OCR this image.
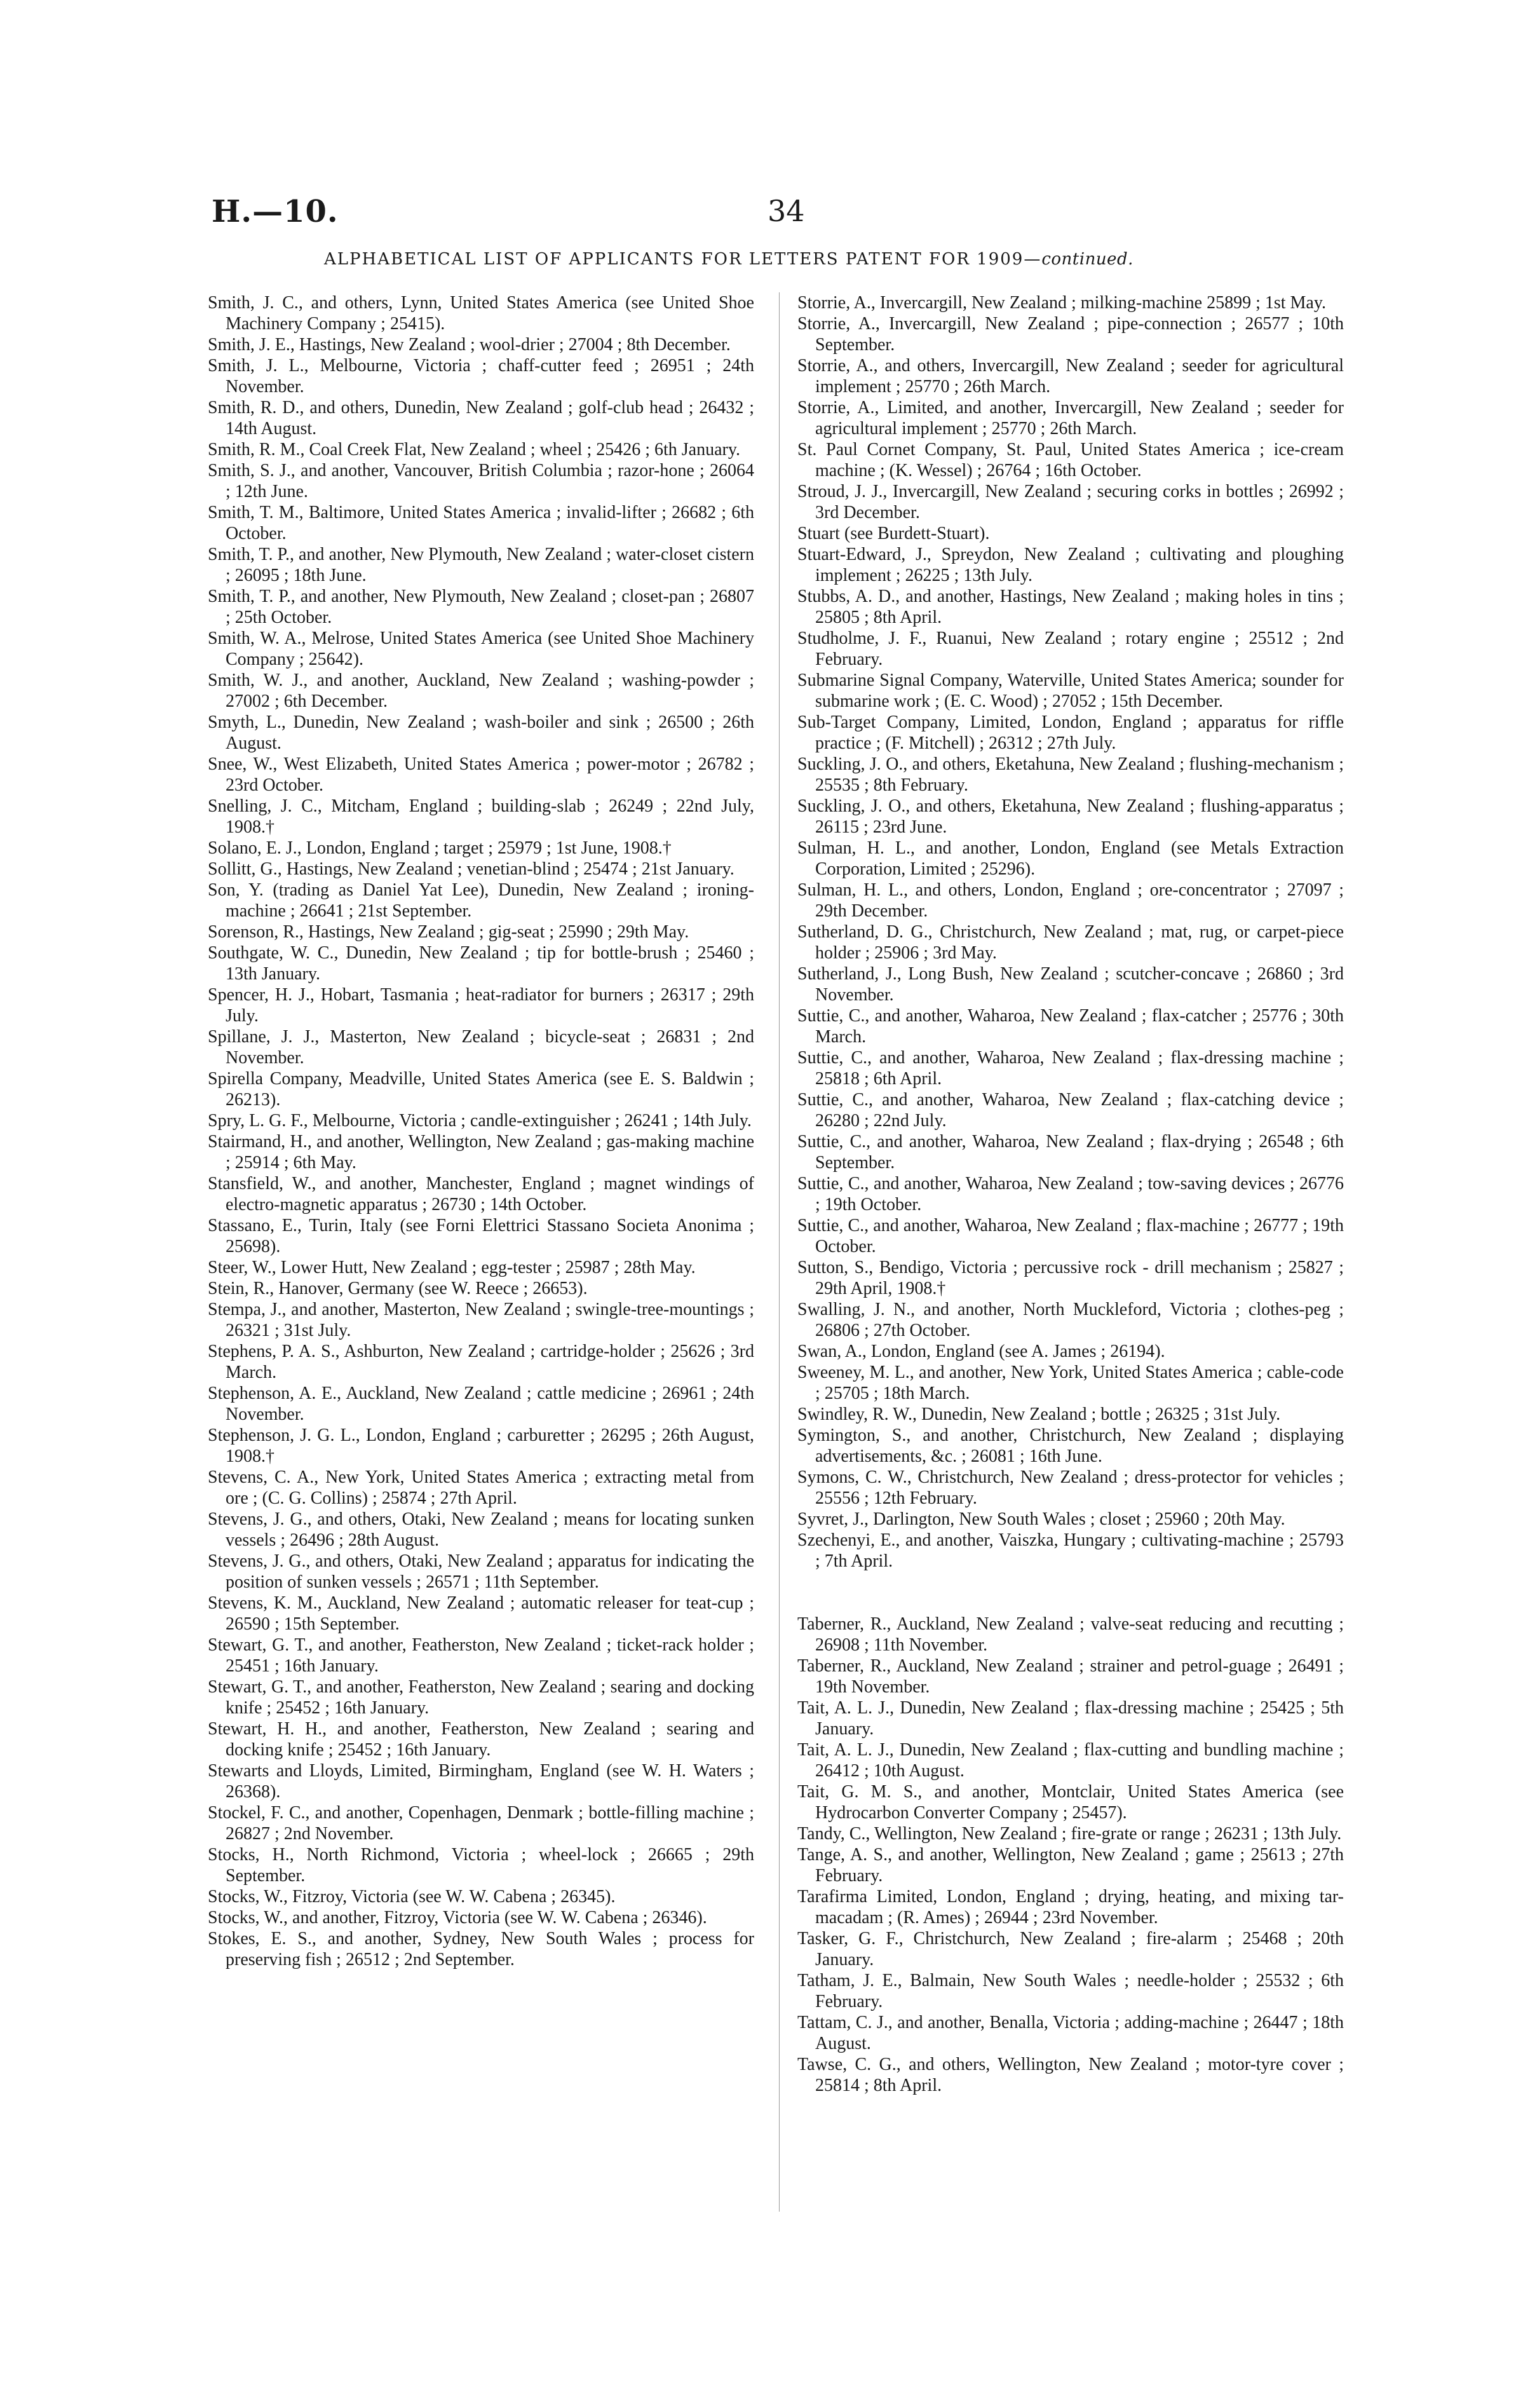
H.—10.	34
ALPHABETICAL LIST OF APPLICANTS FOR LETTERS PATENT FOR 1909—continued.

Smith, J. C., and others, Lynn, United States America (see United Shoe Machinery Company ; 25415).

Smith, J. E., Hastings, New Zealand ; wool-drier ; 27004 ; 8th December.

Smith, J. L., Melbourne, Victoria ; chaff-cutter feed ; 26951 ; 24th November.

Smith, R. D., and others, Dunedin, New Zealand ; golf-club head ; 26432 ; 14th August.

Smith, R. M., Coal Creek Flat, New Zealand ; wheel ; 25426 ; 6th January.

Smith, S. J., and another, Vancouver, British Columbia ; razor-hone ; 26064 ; 12th June.

Smith, T. M., Baltimore, United States America ; invalid-lifter ; 26682 ; 6th October.

Smith, T. P., and another, New Plymouth, New Zealand ; water-closet cistern ; 26095 ; 18th June.

Smith, T. P., and another, New Plymouth, New Zealand ; closet-pan ; 26807 ; 25th October.

Smith, W. A., Melrose, United States America (see United Shoe Machinery Company ; 25642).

Smith, W. J., and another, Auckland, New Zealand ; washing-powder ; 27002 ; 6th December.

Smyth, L., Dunedin, New Zealand ; wash-boiler and sink ; 26500 ; 26th August.

Snee, W., West Elizabeth, United States America ; power-motor ; 26782 ; 23rd October.

Snelling, J. C., Mitcham, England ; building-slab ; 26249 ; 22nd July, 1908.†

Solano, E. J., London, England ; target ; 25979 ; 1st June, 1908.†

Sollitt, G., Hastings, New Zealand ; venetian-blind ; 25474 ; 21st January.

Son, Y. (trading as Daniel Yat Lee), Dunedin, New Zealand ; ironing-machine ; 26641 ; 21st September.

Sorenson, R., Hastings, New Zealand ; gig-seat ; 25990 ; 29th May.

Southgate, W. C., Dunedin, New Zealand ; tip for bottle-brush ; 25460 ; 13th January.

Spencer, H. J., Hobart, Tasmania ; heat-radiator for burners ; 26317 ; 29th July.

Spillane, J. J., Masterton, New Zealand ; bicycle-seat ; 26831 ; 2nd November.

Spirella Company, Meadville, United States America (see E. S. Baldwin ; 26213).

Spry, L. G. F., Melbourne, Victoria ; candle-extinguisher ; 26241 ; 14th July.

Stairmand, H., and another, Wellington, New Zealand ; gas-making machine ; 25914 ; 6th May.

Stansfield, W., and another, Manchester, England ; magnet windings of electro-magnetic apparatus ; 26730 ; 14th October.

Stassano, E., Turin, Italy (see Forni Elettrici Stassano Societa Anonima ; 25698).

Steer, W., Lower Hutt, New Zealand ; egg-tester ; 25987 ; 28th May.

Stein, R., Hanover, Germany (see W. Reece ; 26653).

Stempa, J., and another, Masterton, New Zealand ; swingle-tree-mountings ; 26321 ; 31st July.

Stephens, P. A. S., Ashburton, New Zealand ; cartridge-holder ; 25626 ; 3rd March.

Stephenson, A. E., Auckland, New Zealand ; cattle medicine ; 26961 ; 24th November.

Stephenson, J. G. L., London, England ; carburetter ; 26295 ; 26th August, 1908.†

Stevens, C. A., New York, United States America ; extracting metal from ore ; (C. G. Collins) ; 25874 ; 27th April.

Stevens, J. G., and others, Otaki, New Zealand ; means for locating sunken vessels ; 26496 ; 28th August.

Stevens, J. G., and others, Otaki, New Zealand ; apparatus for indicating the position of sunken vessels ; 26571 ; 11th September.

Stevens, K. M., Auckland, New Zealand ; automatic releaser for teat-cup ; 26590 ; 15th September.

Stewart, G. T., and another, Featherston, New Zealand ; ticket-rack holder ; 25451 ; 16th January.

Stewart, G. T., and another, Featherston, New Zealand ; searing and docking knife ; 25452 ; 16th January.

Stewart, H. H., and another, Featherston, New Zealand ; searing and docking knife ; 25452 ; 16th January.

Stewarts and Lloyds, Limited, Birmingham, England (see W. H. Waters ; 26368).

Stockel, F. C., and another, Copenhagen, Denmark ; bottle-filling machine ; 26827 ; 2nd November.

Stocks, H., North Richmond, Victoria ; wheel-lock ; 26665 ; 29th September.

Stocks, W., Fitzroy, Victoria (see W. W. Cabena ; 26345).

Stocks, W., and another, Fitzroy, Victoria (see W. W. Cabena ; 26346).

Stokes, E. S., and another, Sydney, New South Wales ; process for preserving fish ; 26512 ; 2nd September.

Storrie, A., Invercargill, New Zealand ; milking-machine 25899 ; 1st May.

Storrie, A., Invercargill, New Zealand ; pipe-connection ; 26577 ; 10th September.

Storrie, A., and others, Invercargill, New Zealand ; seeder for agricultural implement ; 25770 ; 26th March.

Storrie, A., Limited, and another, Invercargill, New Zealand ; seeder for agricultural implement ; 25770 ; 26th March.

St. Paul Cornet Company, St. Paul, United States America ; ice-cream machine ; (K. Wessel) ; 26764 ; 16th October.

Stroud, J. J., Invercargill, New Zealand ; securing corks in bottles ; 26992 ; 3rd December.

Stuart (see Burdett-Stuart).

Stuart-Edward, J., Spreydon, New Zealand ; cultivating and ploughing implement ; 26225 ; 13th July.

Stubbs, A. D., and another, Hastings, New Zealand ; making holes in tins ; 25805 ; 8th April.

Studholme, J. F., Ruanui, New Zealand ; rotary engine ; 25512 ; 2nd February.

Submarine Signal Company, Waterville, United States America; sounder for submarine work ; (E. C. Wood) ; 27052 ; 15th December.

Sub-Target Company, Limited, London, England ; apparatus for riffle practice ; (F. Mitchell) ; 26312 ; 27th July.

Suckling, J. O., and others, Eketahuna, New Zealand ; flushing-mechanism ; 25535 ; 8th February.

Suckling, J. O., and others, Eketahuna, New Zealand ; flushing-apparatus ; 26115 ; 23rd June.

Sulman, H. L., and another, London, England (see Metals Extraction Corporation, Limited ; 25296).

Sulman, H. L., and others, London, England ; ore-concentrator ; 27097 ; 29th December.

Sutherland, D. G., Christchurch, New Zealand ; mat, rug, or carpet-piece holder ; 25906 ; 3rd May.

Sutherland, J., Long Bush, New Zealand ; scutcher-concave ; 26860 ; 3rd November.

Suttie, C., and another, Waharoa, New Zealand ; flax-catcher ; 25776 ; 30th March.

Suttie, C., and another, Waharoa, New Zealand ; flax-dressing machine ; 25818 ; 6th April.

Suttie, C., and another, Waharoa, New Zealand ; flax-catching device ; 26280 ; 22nd July.

Suttie, C., and another, Waharoa, New Zealand ; flax-drying ; 26548 ; 6th September.

Suttie, C., and another, Waharoa, New Zealand ; tow-saving devices ; 26776 ; 19th October.

Suttie, C., and another, Waharoa, New Zealand ; flax-machine ; 26777 ; 19th October.

Sutton, S., Bendigo, Victoria ; percussive rock - drill mechanism ; 25827 ; 29th April, 1908.†

Swalling, J. N., and another, North Muckleford, Victoria ; clothes-peg ; 26806 ; 27th October.

Swan, A., London, England (see A. James ; 26194).

Sweeney, M. L., and another, New York, United States America ; cable-code ; 25705 ; 18th March.

Swindley, R. W., Dunedin, New Zealand ; bottle ; 26325 ; 31st July.

Symington, S., and another, Christchurch, New Zealand ; displaying advertisements, &c. ; 26081 ; 16th June.

Symons, C. W., Christchurch, New Zealand ; dress-protector for vehicles ; 25556 ; 12th February.

Syvret, J., Darlington, New South Wales ; closet ; 25960 ; 20th May.

Szechenyi, E., and another, Vaiszka, Hungary ; cultivating-machine ; 25793 ; 7th April.

Taberner, R., Auckland, New Zealand ; valve-seat reducing and recutting ; 26908 ; 11th November.

Taberner, R., Auckland, New Zealand ; strainer and petrol-guage ; 26491 ; 19th November.

Tait, A. L. J., Dunedin, New Zealand ; flax-dressing machine ; 25425 ; 5th January.

Tait, A. L. J., Dunedin, New Zealand ; flax-cutting and bundling machine ; 26412 ; 10th August.

Tait, G. M. S., and another, Montclair, United States America (see Hydrocarbon Converter Company ; 25457).

Tandy, C., Wellington, New Zealand ; fire-grate or range ; 26231 ; 13th July.

Tange, A. S., and another, Wellington, New Zealand ; game ; 25613 ; 27th February.

Tarafirma Limited, London, England ; drying, heating, and mixing tar-macadam ; (R. Ames) ; 26944 ; 23rd November.

Tasker, G. F., Christchurch, New Zealand ; fire-alarm ; 25468 ; 20th January.

Tatham, J. E., Balmain, New South Wales ; needle-holder ; 25532 ; 6th February.

Tattam, C. J., and another, Benalla, Victoria ; adding-machine ; 26447 ; 18th August.

Tawse, C. G., and others, Wellington, New Zealand ; motor-tyre cover ; 25814 ; 8th April.
